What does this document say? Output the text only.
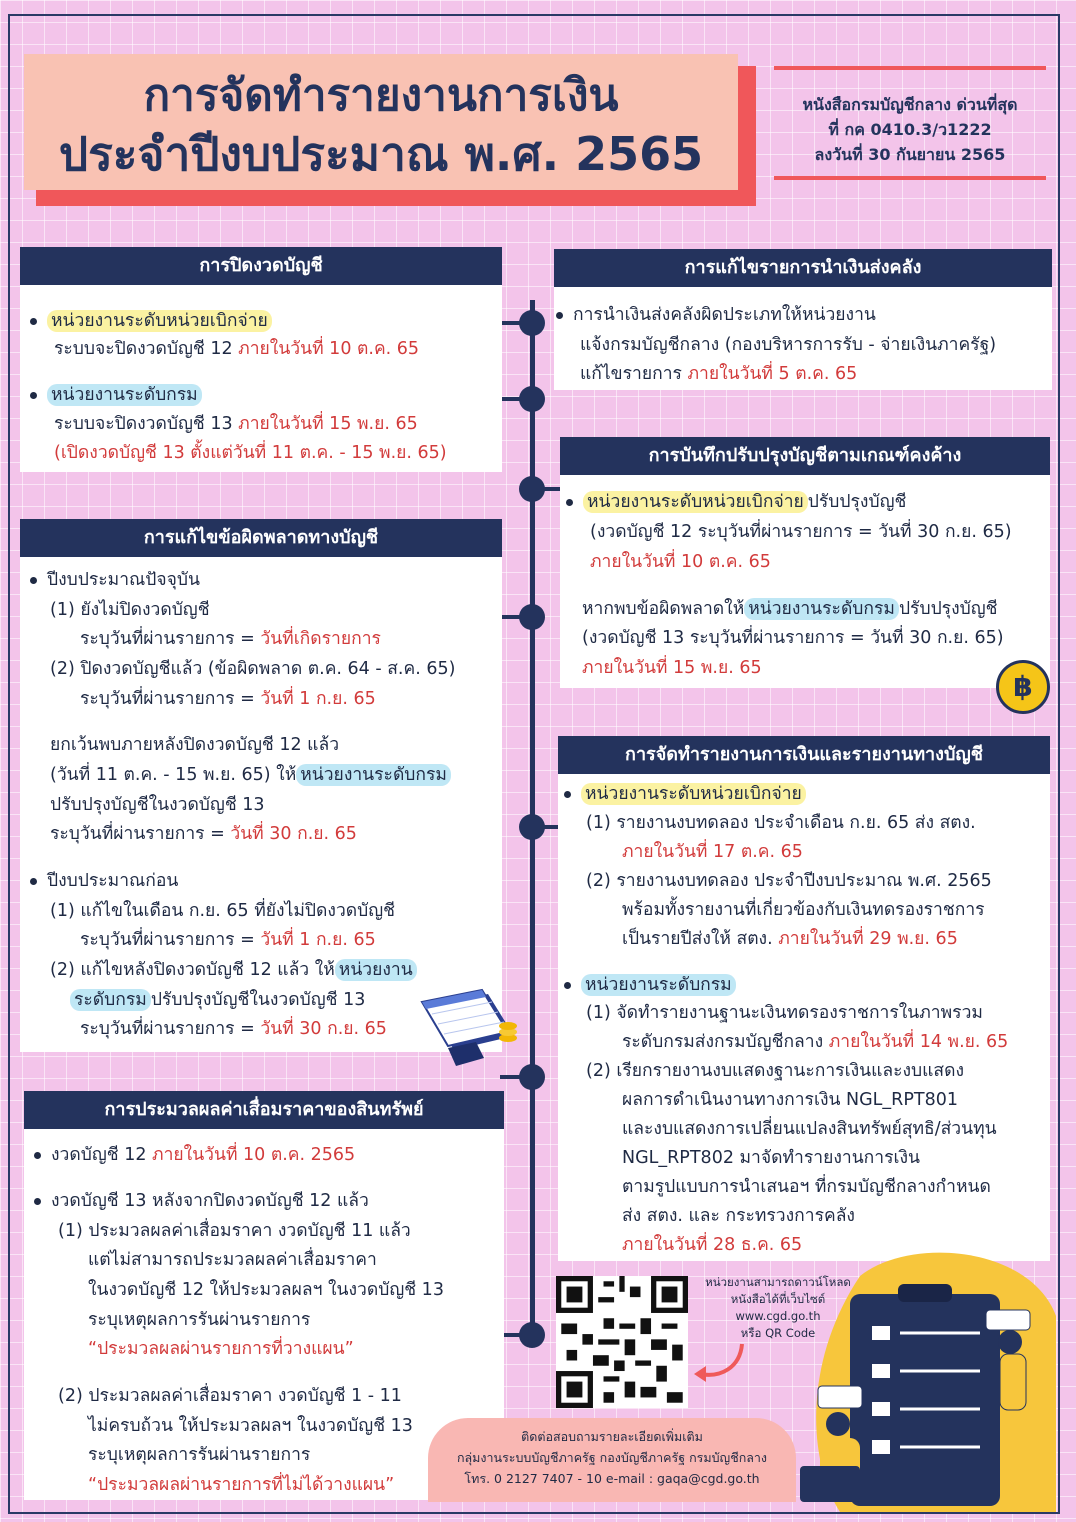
การจัดทำรายงานการเงิน
ประจำปีงบประมาณ พ.ศ. 2565
หนังสือกรมบัญชีกลาง ด่วนที่สุด
ที่ กค 0410.3/ว1222
ลงวันที่ 30 กันยายน 2565
การปิดงวดบัญชี
หน่วยงานระดับหน่วยเบิกจ่าย
ระบบจะปิดงวดบัญชี 12 ภายในวันที่ 10 ต.ค. 65
หน่วยงานระดับกรม
ระบบจะปิดงวดบัญชี 13 ภายในวันที่ 15 พ.ย. 65
(เปิดงวดบัญชี 13 ตั้งแต่วันที่ 11 ต.ค. - 15 พ.ย. 65)
การแก้ไขข้อผิดพลาดทางบัญชี
ปีงบประมาณปัจจุบัน
(1) ยังไม่ปิดงวดบัญชี
ระบุวันที่ผ่านรายการ = วันที่เกิดรายการ
(2) ปิดงวดบัญชีแล้ว (ข้อผิดพลาด ต.ค. 64 - ส.ค. 65)
ระบุวันที่ผ่านรายการ = วันที่ 1 ก.ย. 65
ยกเว้นพบภายหลังปิดงวดบัญชี 12 แล้ว
(วันที่ 11 ต.ค. - 15 พ.ย. 65) ให้ หน่วยงานระดับกรม
ปรับปรุงบัญชีในงวดบัญชี 13
ระบุวันที่ผ่านรายการ = วันที่ 30 ก.ย. 65
ปีงบประมาณก่อน
(1) แก้ไขในเดือน ก.ย. 65 ที่ยังไม่ปิดงวดบัญชี
ระบุวันที่ผ่านรายการ = วันที่ 1 ก.ย. 65
(2) แก้ไขหลังปิดงวดบัญชี 12 แล้ว ให้ หน่วยงาน
ระดับกรม ปรับปรุงบัญชีในงวดบัญชี 13
ระบุวันที่ผ่านรายการ = วันที่ 30 ก.ย. 65
การประมวลผลค่าเสื่อมราคาของสินทรัพย์
งวดบัญชี 12 ภายในวันที่ 10 ต.ค. 2565
งวดบัญชี 13 หลังจากปิดงวดบัญชี 12 แล้ว
(1) ประมวลผลค่าเสื่อมราคา งวดบัญชี 11 แล้ว
แต่ไม่สามารถประมวลผลค่าเสื่อมราคา
ในงวดบัญชี 12 ให้ประมวลผลฯ ในงวดบัญชี 13
ระบุเหตุผลการรันผ่านรายการ
“ประมวลผลผ่านรายการที่วางแผน”
(2) ประมวลผลค่าเสื่อมราคา งวดบัญชี 1 - 11
ไม่ครบถ้วน ให้ประมวลผลฯ ในงวดบัญชี 13
ระบุเหตุผลการรันผ่านรายการ
“ประมวลผลผ่านรายการที่ไม่ได้วางแผน”
การแก้ไขรายการนำเงินส่งคลัง
การนำเงินส่งคลังผิดประเภทให้หน่วยงาน
แจ้งกรมบัญชีกลาง (กองบริหารการรับ - จ่ายเงินภาครัฐ)
แก้ไขรายการ ภายในวันที่ 5 ต.ค. 65
การบันทึกปรับปรุงบัญชีตามเกณฑ์คงค้าง
หน่วยงานระดับหน่วยเบิกจ่าย ปรับปรุงบัญชี
(งวดบัญชี 12 ระบุวันที่ผ่านรายการ = วันที่ 30 ก.ย. 65)
ภายในวันที่ 10 ต.ค. 65
หากพบข้อผิดพลาดให้ หน่วยงานระดับกรม ปรับปรุงบัญชี
(งวดบัญชี 13 ระบุวันที่ผ่านรายการ = วันที่ 30 ก.ย. 65)
ภายในวันที่ 15 พ.ย. 65
฿
การจัดทำรายงานการเงินและรายงานทางบัญชี
หน่วยงานระดับหน่วยเบิกจ่าย
(1) รายงานงบทดลอง ประจำเดือน ก.ย. 65 ส่ง สตง.
ภายในวันที่ 17 ต.ค. 65
(2) รายงานงบทดลอง ประจำปีงบประมาณ พ.ศ. 2565
พร้อมทั้งรายงานที่เกี่ยวข้องกับเงินทดรองราชการ
เป็นรายปีส่งให้ สตง. ภายในวันที่ 29 พ.ย. 65
หน่วยงานระดับกรม
(1) จัดทำรายงานฐานะเงินทดรองราชการในภาพรวม
ระดับกรมส่งกรมบัญชีกลาง ภายในวันที่ 14 พ.ย. 65
(2) เรียกรายงานงบแสดงฐานะการเงินและงบแสดง
ผลการดำเนินงานทางการเงิน NGL_RPT801
และงบแสดงการเปลี่ยนแปลงสินทรัพย์สุทธิ/ส่วนทุน
NGL_RPT802 มาจัดทำรายงานการเงิน
ตามรูปแบบการนำเสนอฯ ที่กรมบัญชีกลางกำหนด
ส่ง สตง. และ กระทรวงการคลัง
ภายในวันที่ 28 ธ.ค. 65
หน่วยงานสามารถดาวน์โหลด
หนังสือได้ที่เว็บไซต์
www.cgd.go.th
หรือ QR Code
ติดต่อสอบถามรายละเอียดเพิ่มเติม
กลุ่มงานระบบบัญชีภาครัฐ กองบัญชีภาครัฐ กรมบัญชีกลาง
โทร. 0 2127 7407 - 10 e-mail : gaqa@cgd.go.th
